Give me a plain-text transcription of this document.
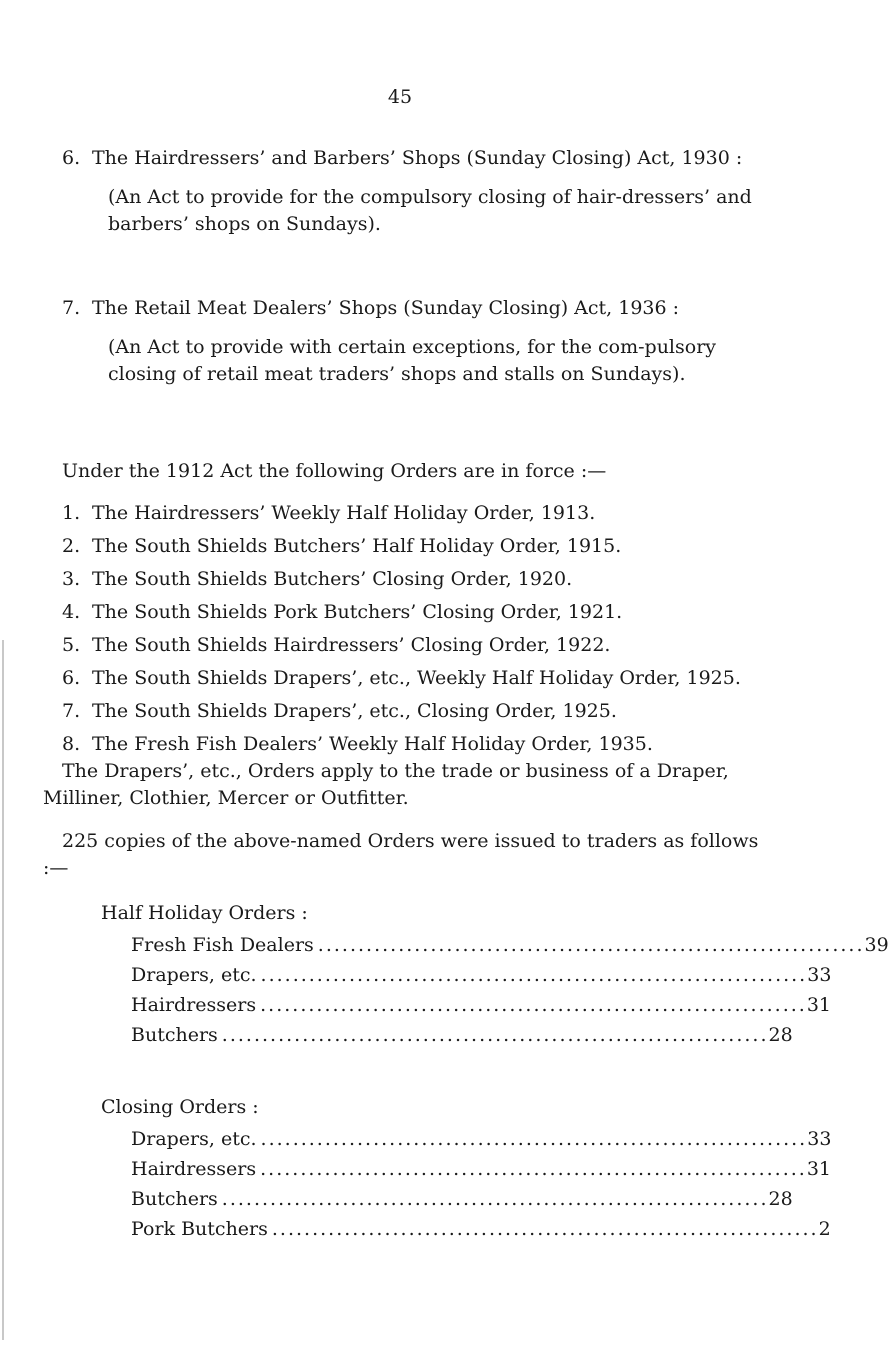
45
6. The Hairdressers’ and Barbers’ Shops (Sunday Closing) Act, 1930 :
(An Act to provide for the compulsory closing of hair-dressers’ and barbers’ shops on Sundays).
7. The Retail Meat Dealers’ Shops (Sunday Closing) Act, 1936 :
(An Act to provide with certain exceptions, for the com-pulsory closing of retail meat traders’ shops and stalls on Sundays).
Under the 1912 Act the following Orders are in force :—
1. The Hairdressers’ Weekly Half Holiday Order, 1913.
2. The South Shields Butchers’ Half Holiday Order, 1915.
3. The South Shields Butchers’ Closing Order, 1920.
4. The South Shields Pork Butchers’ Closing Order, 1921.
5. The South Shields Hairdressers’ Closing Order, 1922.
6. The South Shields Drapers’, etc., Weekly Half Holiday Order, 1925.
7. The South Shields Drapers’, etc., Closing Order, 1925.
8. The Fresh Fish Dealers’ Weekly Half Holiday Order, 1935.
The Drapers’, etc., Orders apply to the trade or business of a Draper, Milliner, Clothier, Mercer or Outfitter.
225 copies of the above-named Orders were issued to traders as follows :—
Half Holiday Orders :
Fresh Fish Dealers .................................................................... 39
Drapers, etc. .................................................................... 33
Hairdressers .................................................................... 31
Butchers .................................................................... 28
Closing Orders :
Drapers, etc. .................................................................... 33
Hairdressers .................................................................... 31
Butchers .................................................................... 28
Pork Butchers .................................................................... 2
